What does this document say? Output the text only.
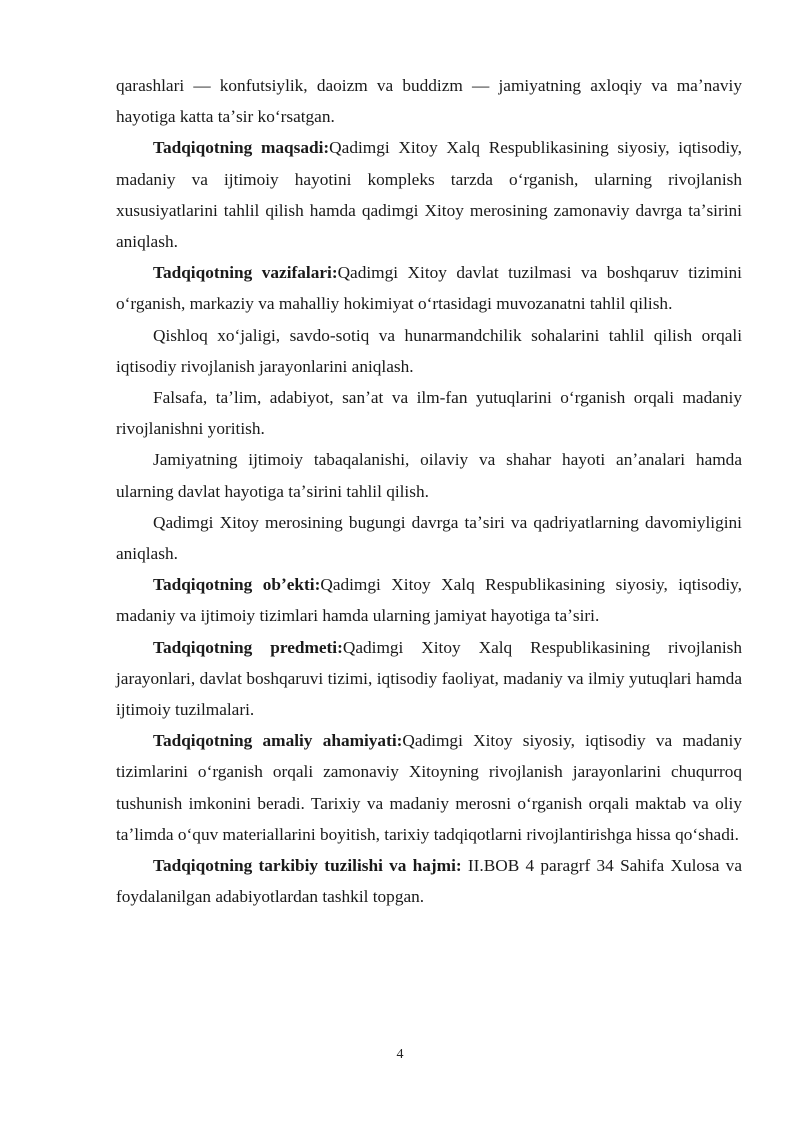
qarashlari — konfutsiylik, daoizm va buddizm — jamiyatning axloqiy va maʼnaviy hayotiga katta taʼsir ko‘rsatgan.

Tadqiqotning maqsadi:Qadimgi Xitoy Xalq Respublikasining siyosiy, iqtisodiy, madaniy va ijtimoiy hayotini kompleks tarzda o‘rganish, ularning rivojlanish xususiyatlarini tahlil qilish hamda qadimgi Xitoy merosining zamonaviy davrga taʼsirini aniqlash.

Tadqiqotning vazifalari:Qadimgi Xitoy davlat tuzilmasi va boshqaruv tizimini o‘rganish, markaziy va mahalliy hokimiyat o‘rtasidagi muvozanatni tahlil qilish.

Qishloq xo‘jaligi, savdo-sotiq va hunarmandchilik sohalarini tahlil qilish orqali iqtisodiy rivojlanish jarayonlarini aniqlash.

Falsafa, taʼlim, adabiyot, sanʼat va ilm-fan yutuqlarini o‘rganish orqali madaniy rivojlanishni yoritish.

Jamiyatning ijtimoiy tabaqalanishi, oilaviy va shahar hayoti anʼanalari hamda ularning davlat hayotiga taʼsirini tahlil qilish.

Qadimgi Xitoy merosining bugungi davrga taʼsiri va qadriyatlarning davomiyligini aniqlash.

Tadqiqotning obʼekti:Qadimgi Xitoy Xalq Respublikasining siyosiy, iqtisodiy, madaniy va ijtimoiy tizimlari hamda ularning jamiyat hayotiga taʼsiri.

Tadqiqotning predmeti:Qadimgi Xitoy Xalq Respublikasining rivojlanish jarayonlari, davlat boshqaruvi tizimi, iqtisodiy faoliyat, madaniy va ilmiy yutuqlari hamda ijtimoiy tuzilmalari.

Tadqiqotning amaliy ahamiyati:Qadimgi Xitoy siyosiy, iqtisodiy va madaniy tizimlarini o‘rganish orqali zamonaviy Xitoyning rivojlanish jarayonlarini chuqurroq tushunish imkonini beradi. Tarixiy va madaniy merosni o‘rganish orqali maktab va oliy taʼlimda o‘quv materiallarini boyitish, tarixiy tadqiqotlarni rivojlantirishga hissa qo‘shadi.

Tadqiqotning tarkibiy tuzilishi va hajmi: II.BOB 4 paragrf 34 Sahifa Xulosa va foydalanilgan adabiyotlardan tashkil topgan.

4
